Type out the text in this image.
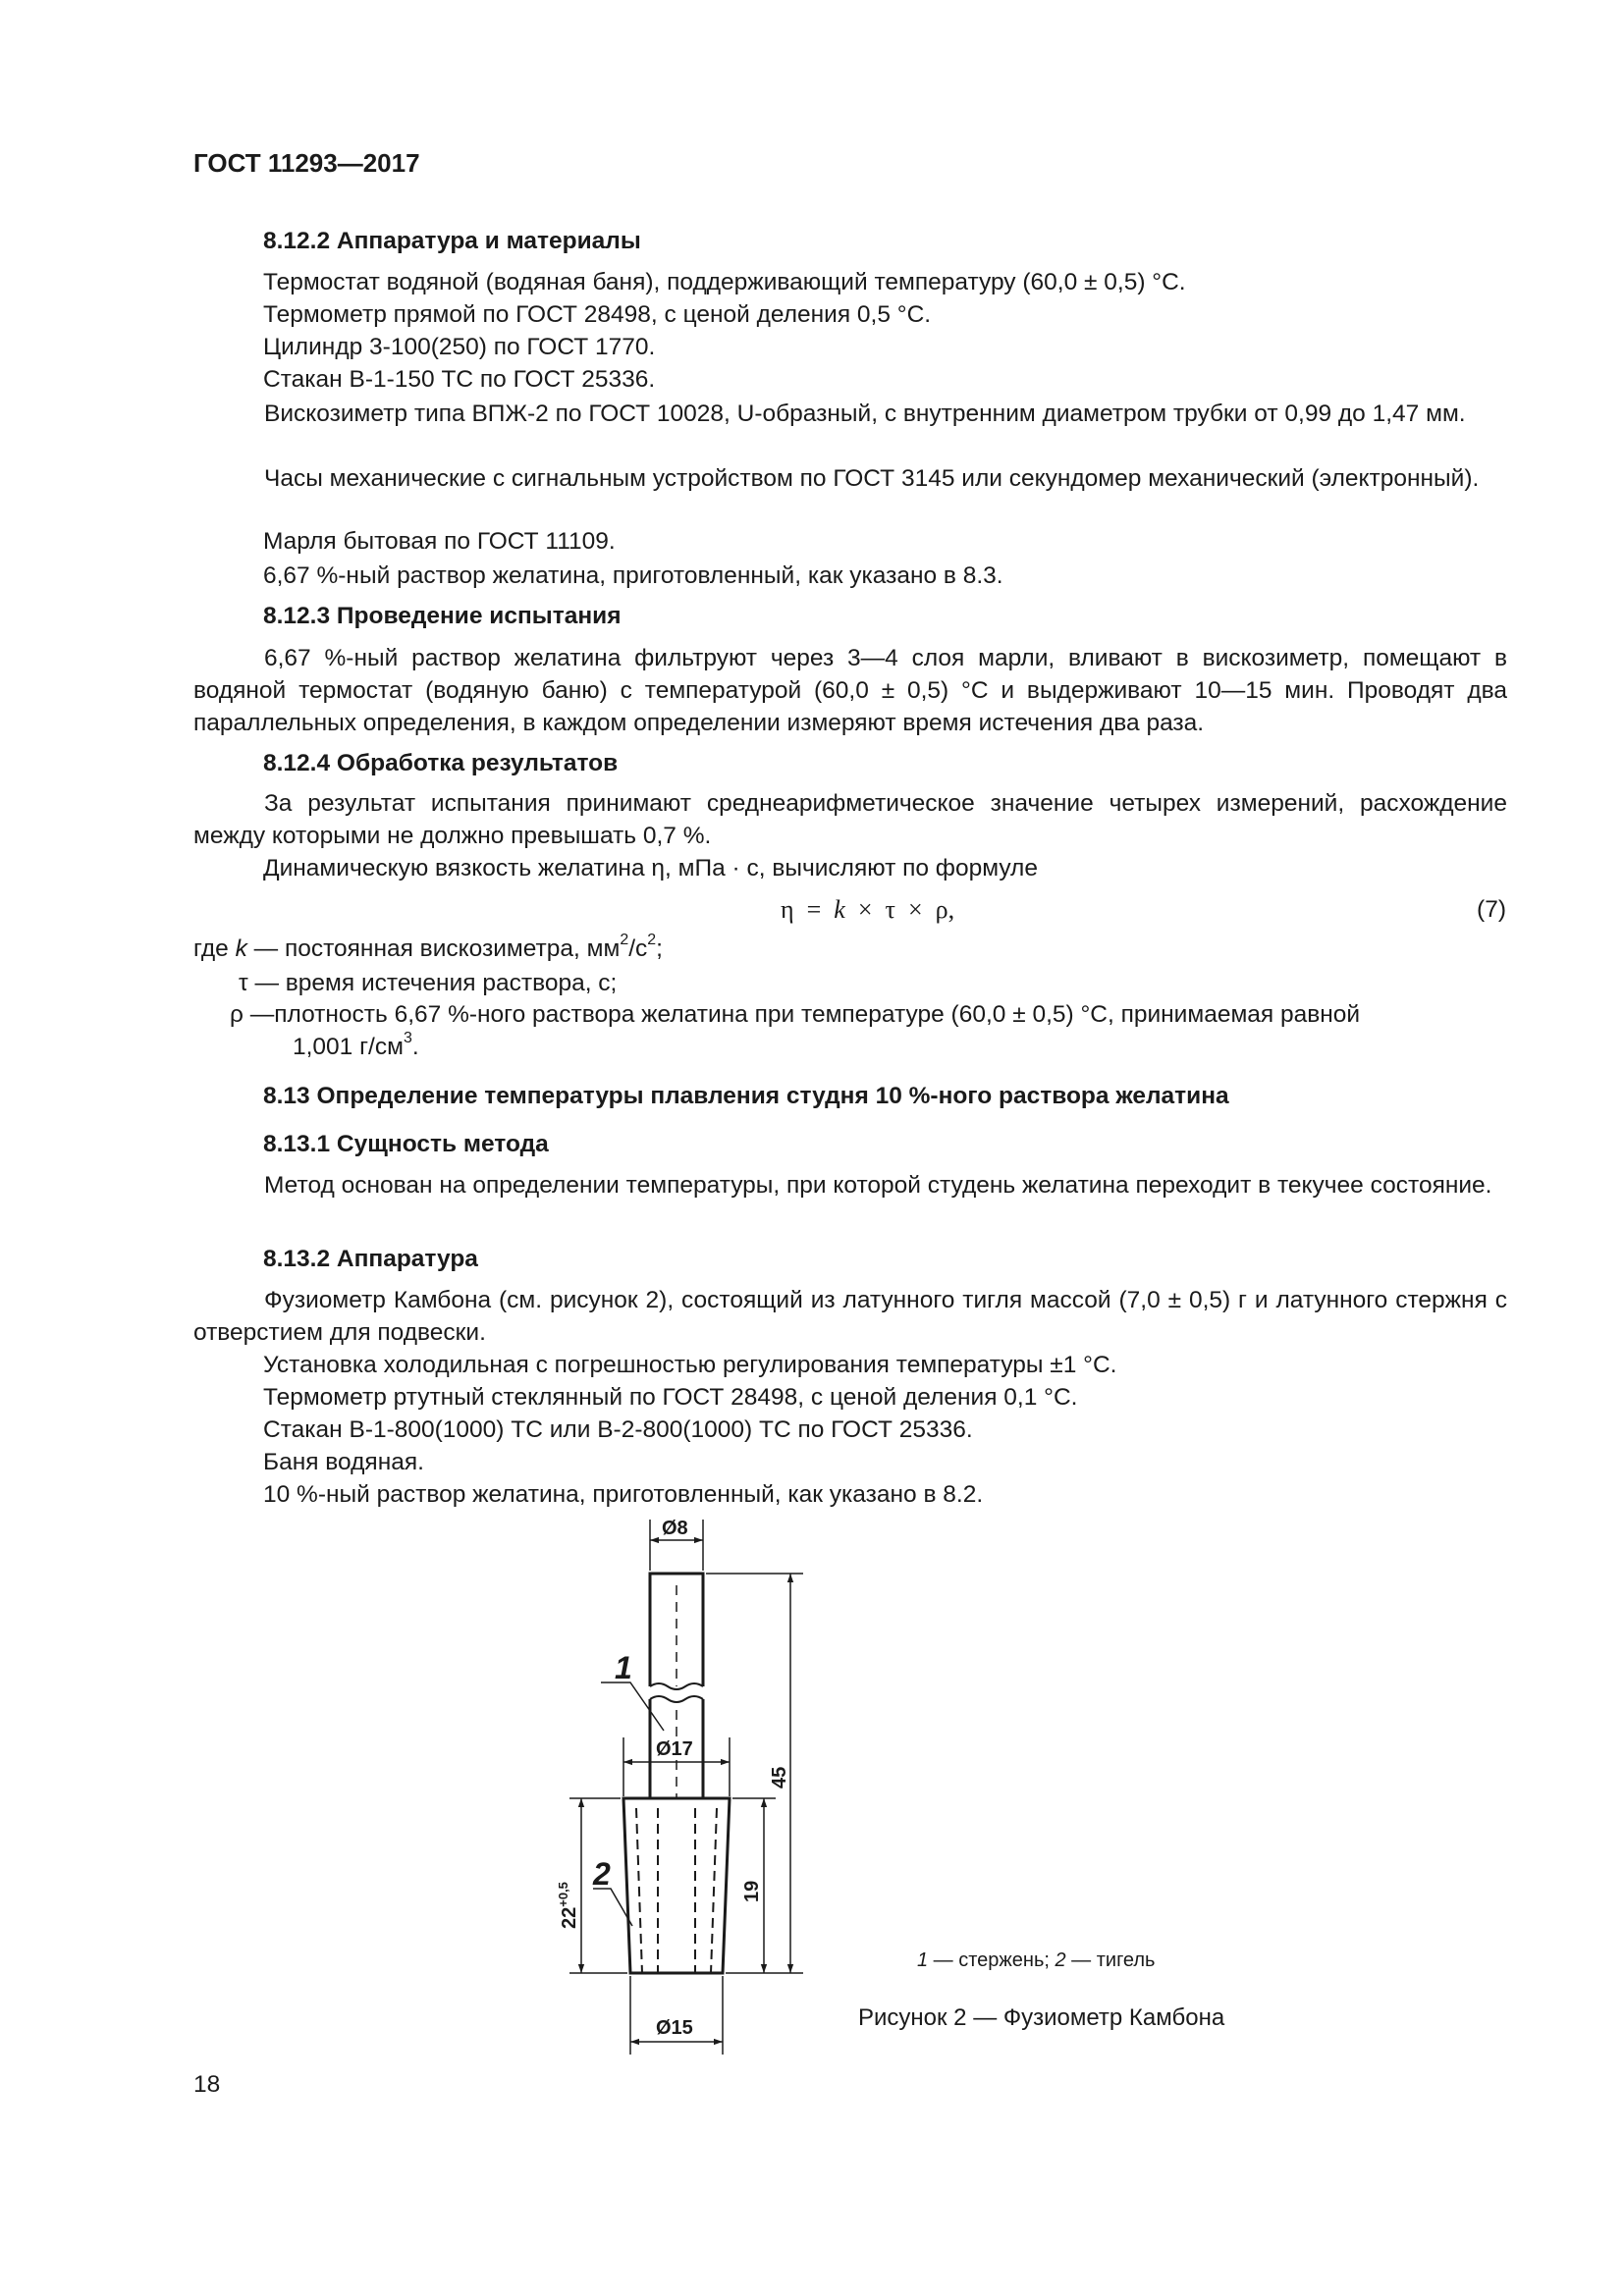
ГОСТ 11293—2017
8.12.2 Аппаратура и материалы
Термостат водяной (водяная баня), поддерживающий температуру (60,0 ± 0,5) °С.
Термометр прямой по ГОСТ 28498, с ценой деления 0,5 °С.
Цилиндр 3-100(250) по ГОСТ 1770.
Стакан В-1-150 ТС по ГОСТ 25336.
Вискозиметр типа ВПЖ-2 по ГОСТ 10028, U-образный, с внутренним диаметром трубки от 0,99 до 1,47 мм.
Часы механические с сигнальным устройством по ГОСТ 3145 или секундомер механический (электронный).
Марля бытовая по ГОСТ 11109.
6,67 %-ный раствор желатина, приготовленный, как указано в 8.3.
8.12.3 Проведение испытания
6,67 %-ный раствор желатина фильтруют через 3—4 слоя марли, вливают в вискозиметр, помещают в водяной термостат (водяную баню) с температурой (60,0 ± 0,5) °С и выдерживают 10—15 мин. Проводят два параллельных определения, в каждом определении измеряют время истечения два раза.
8.12.4 Обработка результатов
За результат испытания принимают среднеарифметическое значение четырех измерений, расхождение между которыми не должно превышать 0,7 %.
Динамическую вязкость желатина η, мПа · с, вычисляют по формуле
η = k × τ × ρ,	(7)
где k — постоянная вискозиметра, $мм^2/с^2$;
τ — время истечения раствора, с;
ρ —плотность 6,67 %-ного раствора желатина при температуре (60,0 ± 0,5) °С, принимаемая равной
1,001 $г/см^3$.
8.13 Определение температуры плавления студня 10 %-ного раствора желатина
8.13.1 Сущность метода
Метод основан на определении температуры, при которой студень желатина переходит в текучее состояние.
8.13.2 Аппаратура
Фузиометр Камбона (см. рисунок 2), состоящий из латунного тигля массой (7,0 ± 0,5) г и латунного стержня с отверстием для подвески.
Установка холодильная с погрешностью регулирования температуры ±1 °С.
Термометр ртутный стеклянный по ГОСТ 28498, с ценой деления 0,1 °С.
Стакан В-1-800(1000) ТС или В-2-800(1000) ТС по ГОСТ 25336.
Баня водяная.
10 %-ный раствор желатина, приготовленный, как указано в 8.2.
Ø8
Ø17
Ø15
45
19
$22^{+0,5}$
1
2
1 — стержень; 2 — тигель
Рисунок 2 — Фузиометр Камбона
18
